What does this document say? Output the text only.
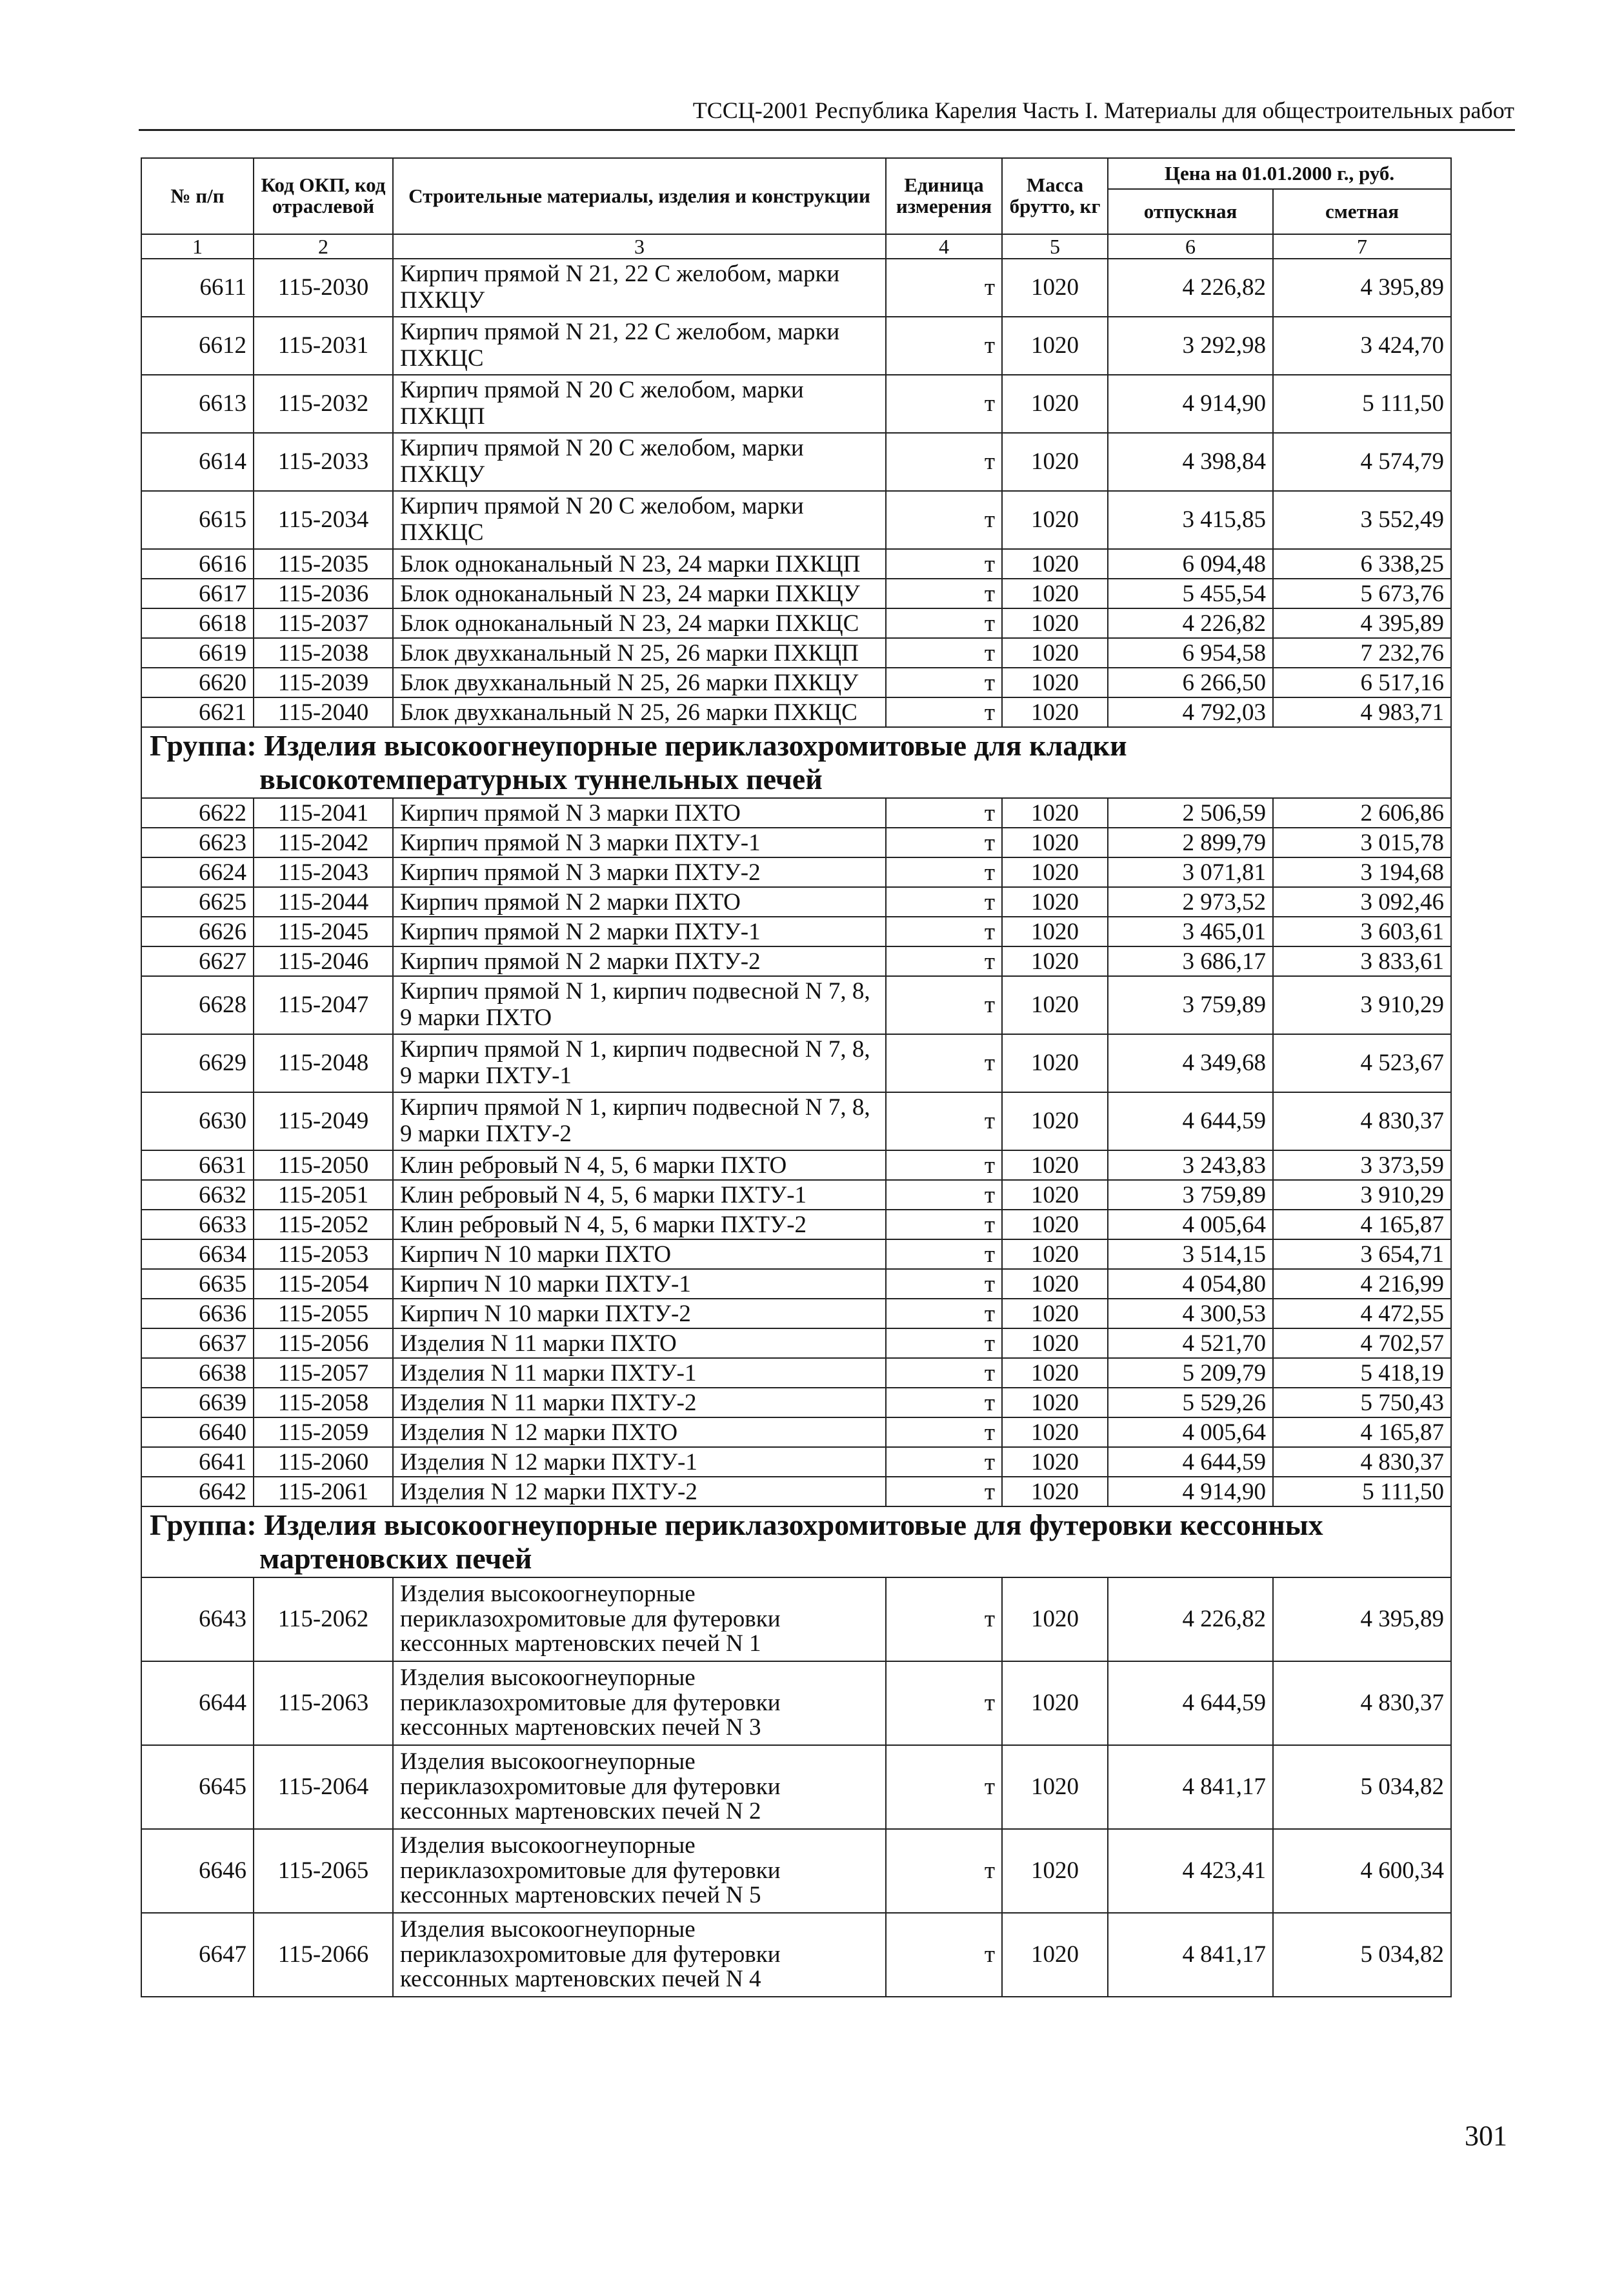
ТССЦ-2001 Республика Карелия Часть I. Материалы для общестроительных работ
№ п/п	Код ОКП, код отраслевой	Строительные материалы, изделия и конструкции	Единица измерения	Масса брутто, кг	Цена на 01.01.2000 г., руб.	
					отпускная	сметная
1	2	3	4	5	6	7
6611	115-2030	Кирпич прямой N 21, 22 С желобом, марки ПХКЦУ	т	1020	4 226,82	4 395,89
6612	115-2031	Кирпич прямой N 21, 22 С желобом, марки ПХКЦС	т	1020	3 292,98	3 424,70
6613	115-2032	Кирпич прямой N 20 С желобом, марки ПХКЦП	т	1020	4 914,90	5 111,50
6614	115-2033	Кирпич прямой N 20 С желобом, марки ПХКЦУ	т	1020	4 398,84	4 574,79
6615	115-2034	Кирпич прямой N 20 С желобом, марки ПХКЦС	т	1020	3 415,85	3 552,49
6616	115-2035	Блок одноканальный N 23, 24 марки ПХКЦП	т	1020	6 094,48	6 338,25
6617	115-2036	Блок одноканальный N 23, 24 марки ПХКЦУ	т	1020	5 455,54	5 673,76
6618	115-2037	Блок одноканальный N 23, 24 марки ПХКЦС	т	1020	4 226,82	4 395,89
6619	115-2038	Блок двухканальный N 25, 26 марки ПХКЦП	т	1020	6 954,58	7 232,76
6620	115-2039	Блок двухканальный N 25, 26 марки ПХКЦУ	т	1020	6 266,50	6 517,16
6621	115-2040	Блок двухканальный N 25, 26 марки ПХКЦС	т	1020	4 792,03	4 983,71
Группа: Изделия высокоогнеупорные периклазохромитовые для кладки
высокотемпературных туннельных печей						

6622	115-2041	Кирпич прямой N 3 марки ПХТО	т	1020	2 506,59	2 606,86
6623	115-2042	Кирпич прямой N 3 марки ПХТУ-1	т	1020	2 899,79	3 015,78
6624	115-2043	Кирпич прямой N 3 марки ПХТУ-2	т	1020	3 071,81	3 194,68
6625	115-2044	Кирпич прямой N 2 марки ПХТО	т	1020	2 973,52	3 092,46
6626	115-2045	Кирпич прямой N 2 марки ПХТУ-1	т	1020	3 465,01	3 603,61
6627	115-2046	Кирпич прямой N 2 марки ПХТУ-2	т	1020	3 686,17	3 833,61
6628	115-2047	Кирпич прямой N 1, кирпич подвесной N 7, 8, 9 марки ПХТО	т	1020	3 759,89	3 910,29
6629	115-2048	Кирпич прямой N 1, кирпич подвесной N 7, 8, 9 марки ПХТУ-1	т	1020	4 349,68	4 523,67
6630	115-2049	Кирпич прямой N 1, кирпич подвесной N 7, 8, 9 марки ПХТУ-2	т	1020	4 644,59	4 830,37
6631	115-2050	Клин ребровый N 4, 5, 6 марки ПХТО	т	1020	3 243,83	3 373,59
6632	115-2051	Клин ребровый N 4, 5, 6 марки ПХТУ-1	т	1020	3 759,89	3 910,29
6633	115-2052	Клин ребровый N 4, 5, 6 марки ПХТУ-2	т	1020	4 005,64	4 165,87
6634	115-2053	Кирпич N 10 марки ПХТО	т	1020	3 514,15	3 654,71
6635	115-2054	Кирпич N 10 марки ПХТУ-1	т	1020	4 054,80	4 216,99
6636	115-2055	Кирпич N 10 марки ПХТУ-2	т	1020	4 300,53	4 472,55
6637	115-2056	Изделия N 11 марки ПХТО	т	1020	4 521,70	4 702,57
6638	115-2057	Изделия N 11 марки ПХТУ-1	т	1020	5 209,79	5 418,19
6639	115-2058	Изделия N 11 марки ПХТУ-2	т	1020	5 529,26	5 750,43
6640	115-2059	Изделия N 12 марки ПХТО	т	1020	4 005,64	4 165,87
6641	115-2060	Изделия N 12 марки ПХТУ-1	т	1020	4 644,59	4 830,37
6642	115-2061	Изделия N 12 марки ПХТУ-2	т	1020	4 914,90	5 111,50
Группа: Изделия высокоогнеупорные периклазохромитовые для футеровки кессонных
мартеновских печей						

6643	115-2062	Изделия высокоогнеупорные периклазохромитовые для футеровки кессонных мартеновских печей N 1	т	1020	4 226,82	4 395,89
6644	115-2063	Изделия высокоогнеупорные периклазохромитовые для футеровки кессонных мартеновских печей N 3	т	1020	4 644,59	4 830,37
6645	115-2064	Изделия высокоогнеупорные периклазохромитовые для футеровки кессонных мартеновских печей N 2	т	1020	4 841,17	5 034,82
6646	115-2065	Изделия высокоогнеупорные периклазохромитовые для футеровки кессонных мартеновских печей N 5	т	1020	4 423,41	4 600,34
6647	115-2066	Изделия высокоогнеупорные периклазохромитовые для футеровки кессонных мартеновских печей N 4	т	1020	4 841,17	5 034,82
301
